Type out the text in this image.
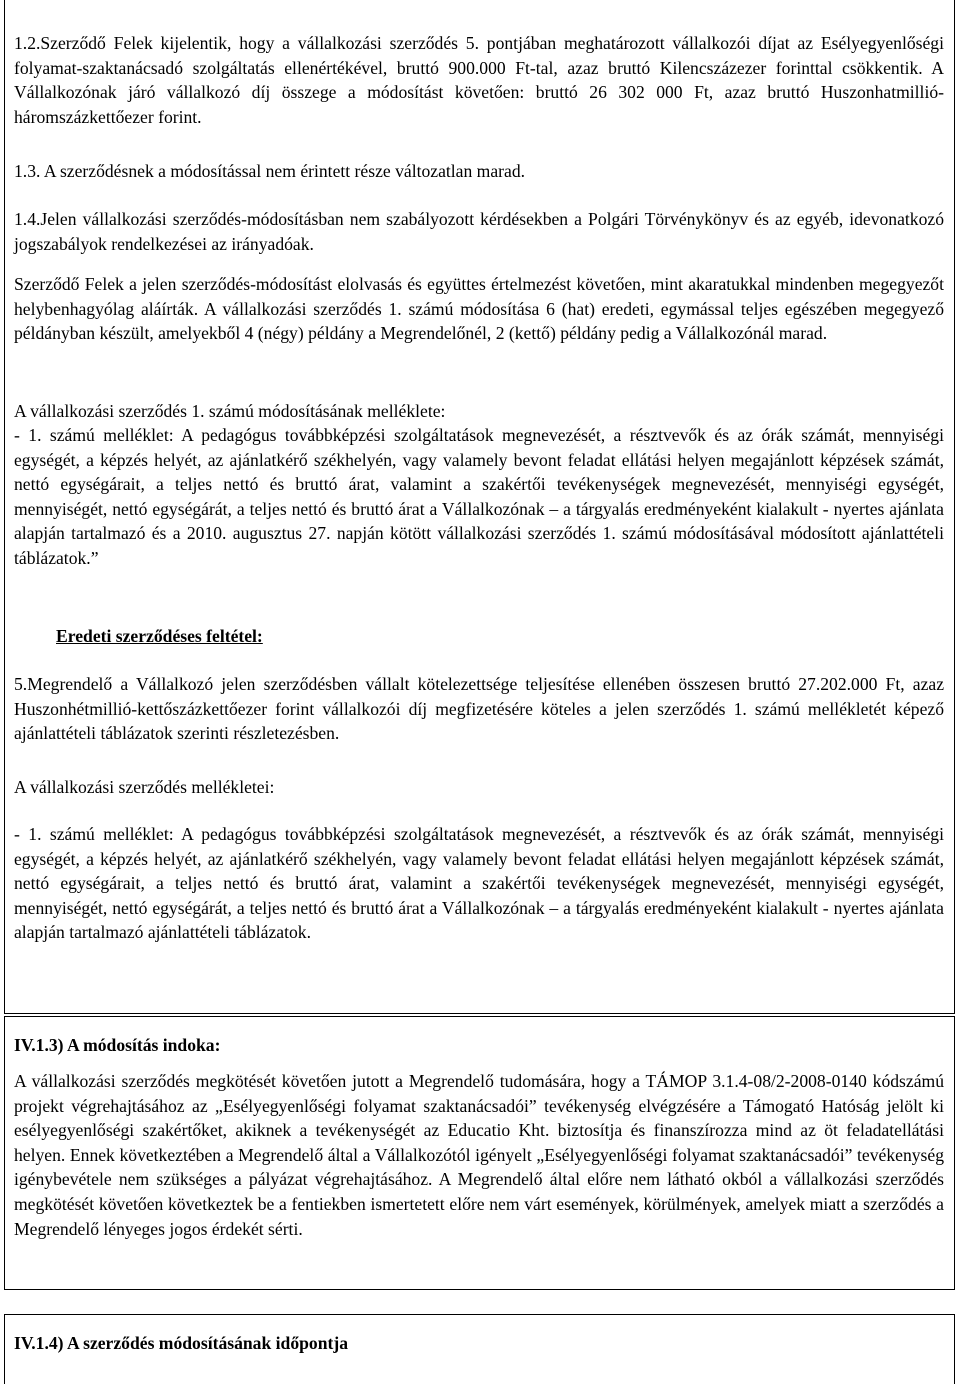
1.2.Szerződő Felek kijelentik, hogy a vállalkozási szerződés 5. pontjában meghatározott vállalkozói díjat az Esélyegyenlőségi folyamat-szaktanácsadó szolgáltatás ellenértékével, bruttó 900.000 Ft-tal, azaz bruttó Kilencszázezer forinttal csökkentik. A Vállalkozónak járó vállalkozó díj összege a módosítást követően: bruttó 26 302 000 Ft, azaz bruttó Huszonhatmillió-háromszázkettőezer forint.

1.3. A szerződésnek a módosítással nem érintett része változatlan marad.

1.4.Jelen vállalkozási szerződés-módosításban nem szabályozott kérdésekben a Polgári Törvénykönyv és az egyéb, idevonatkozó jogszabályok rendelkezései az irányadóak.

Szerződő Felek a jelen szerződés-módosítást elolvasás és együttes értelmezést követően, mint akaratukkal mindenben megegyezőt helybenhagyólag aláírták. A vállalkozási szerződés 1. számú módosítása 6 (hat) eredeti, egymással teljes egészében megegyező példányban készült, amelyekből 4 (négy) példány a Megrendelőnél, 2 (kettő) példány pedig a Vállalkozónál marad.

A vállalkozási szerződés 1. számú módosításának melléklete:

- 1. számú melléklet: A pedagógus továbbképzési szolgáltatások megnevezését, a résztvevők és az órák számát, mennyiségi egységét, a képzés helyét, az ajánlatkérő székhelyén, vagy valamely bevont feladat ellátási helyen megajánlott képzések számát, nettó egységárait, a teljes nettó és bruttó árat, valamint a szakértői tevékenységek megnevezését, mennyiségi egységét, mennyiségét, nettó egységárát, a teljes nettó és bruttó árat a Vállalkozónak – a tárgyalás eredményeként kialakult - nyertes ajánlata alapján tartalmazó és a 2010. augusztus 27. napján kötött vállalkozási szerződés 1. számú módosításával módosított ajánlattételi táblázatok.”

Eredeti szerződéses feltétel:

5.Megrendelő a Vállalkozó jelen szerződésben vállalt kötelezettsége teljesítése ellenében összesen bruttó 27.202.000 Ft, azaz Huszonhétmillió-kettőszázkettőezer forint vállalkozói díj megfizetésére köteles a jelen szerződés 1. számú mellékletét képező ajánlattételi táblázatok szerinti részletezésben.

A vállalkozási szerződés mellékletei:

- 1. számú melléklet: A pedagógus továbbképzési szolgáltatások megnevezését, a résztvevők és az órák számát, mennyiségi egységét, a képzés helyét, az ajánlatkérő székhelyén, vagy valamely bevont feladat ellátási helyen megajánlott képzések számát, nettó egységárait, a teljes nettó és bruttó árat, valamint a szakértői tevékenységek megnevezését, mennyiségi egységét, mennyiségét, nettó egységárát, a teljes nettó és bruttó árat a Vállalkozónak – a tárgyalás eredményeként kialakult - nyertes ajánlata alapján tartalmazó ajánlattételi táblázatok.

IV.1.3) A módosítás indoka:

A vállalkozási szerződés megkötését követően jutott a Megrendelő tudomására, hogy a TÁMOP 3.1.4-08/2-2008-0140 kódszámú projekt végrehajtásához az „Esélyegyenlőségi folyamat szaktanácsadói” tevékenység elvégzésére a Támogató Hatóság jelölt ki esélyegyenlőségi szakértőket, akiknek a tevékenységét az Educatio Kht. biztosítja és finanszírozza mind az öt feladatellátási helyen. Ennek következtében a Megrendelő által a Vállalkozótól igényelt „Esélyegyenlőségi folyamat szaktanácsadói” tevékenység igénybevétele nem szükséges a pályázat végrehajtásához. A Megrendelő által előre nem látható okból a vállalkozási szerződés megkötését követően következtek be a fentiekben ismertetett előre nem várt események, körülmények, amelyek miatt a szerződés a Megrendelő lényeges jogos érdekét sérti.

IV.1.4) A szerződés módosításának időpontja
